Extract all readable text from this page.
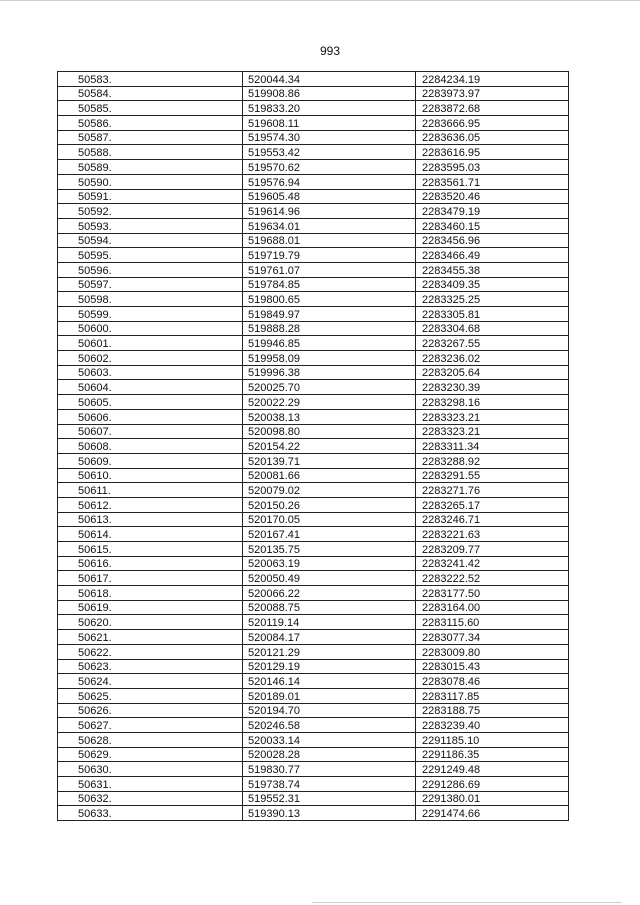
993
50583.	520044.34	2284234.19
50584.	519908.86	2283973.97
50585.	519833.20	2283872.68
50586.	519608.11	2283666.95
50587.	519574.30	2283636.05
50588.	519553.42	2283616.95
50589.	519570.62	2283595.03
50590.	519576.94	2283561.71
50591.	519605.48	2283520.46
50592.	519614.96	2283479.19
50593.	519634.01	2283460.15
50594.	519688.01	2283456.96
50595.	519719.79	2283466.49
50596.	519761.07	2283455.38
50597.	519784.85	2283409.35
50598.	519800.65	2283325.25
50599.	519849.97	2283305.81
50600.	519888.28	2283304.68
50601.	519946.85	2283267.55
50602.	519958.09	2283236.02
50603.	519996.38	2283205.64
50604.	520025.70	2283230.39
50605.	520022.29	2283298.16
50606.	520038.13	2283323.21
50607.	520098.80	2283323.21
50608.	520154.22	2283311.34
50609.	520139.71	2283288.92
50610.	520081.66	2283291.55
50611.	520079.02	2283271.76
50612.	520150.26	2283265.17
50613.	520170.05	2283246.71
50614.	520167.41	2283221.63
50615.	520135.75	2283209.77
50616.	520063.19	2283241.42
50617.	520050.49	2283222.52
50618.	520066.22	2283177.50
50619.	520088.75	2283164.00
50620.	520119.14	2283115.60
50621.	520084.17	2283077.34
50622.	520121.29	2283009.80
50623.	520129.19	2283015.43
50624.	520146.14	2283078.46
50625.	520189.01	2283117.85
50626.	520194.70	2283188.75
50627.	520246.58	2283239.40
50628.	520033.14	2291185.10
50629.	520028.28	2291186.35
50630.	519830.77	2291249.48
50631.	519738.74	2291286.69
50632.	519552.31	2291380.01
50633.	519390.13	2291474.66
